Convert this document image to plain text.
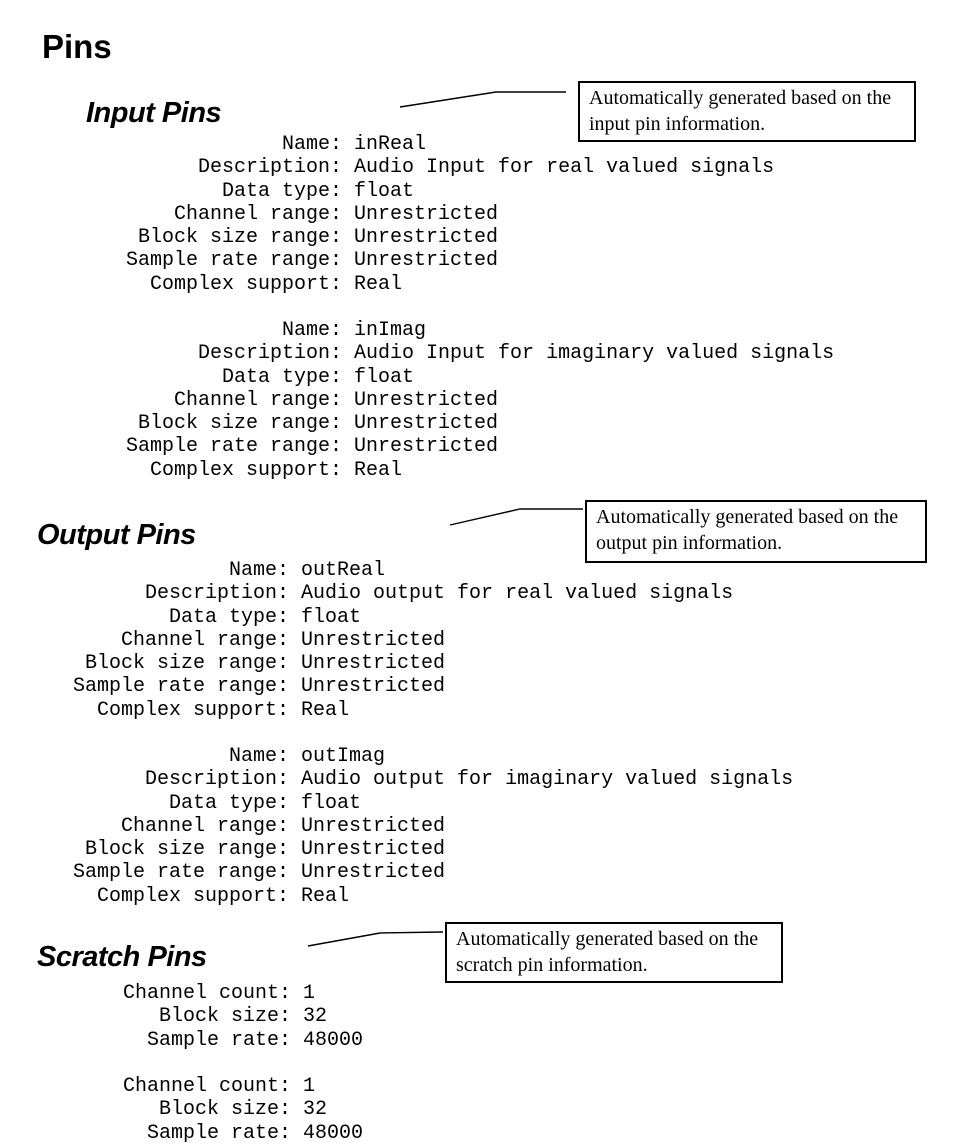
Pins
Input Pins
Output Pins
Scratch Pins
Automatically generated based on the input pin information.
Automatically generated based on the output pin information.
Automatically generated based on the scratch pin information.
Name: inReal
Description: Audio Input for real valued signals
Data type: float
Channel range: Unrestricted
Block size range: Unrestricted
Sample rate range: Unrestricted
Complex support: Real
Name: inImag
Description: Audio Input for imaginary valued signals
Data type: float
Channel range: Unrestricted
Block size range: Unrestricted
Sample rate range: Unrestricted
Complex support: Real
Name: outReal
Description: Audio output for real valued signals
Data type: float
Channel range: Unrestricted
Block size range: Unrestricted
Sample rate range: Unrestricted
Complex support: Real
Name: outImag
Description: Audio output for imaginary valued signals
Data type: float
Channel range: Unrestricted
Block size range: Unrestricted
Sample rate range: Unrestricted
Complex support: Real
Channel count: 1
Block size: 32
Sample rate: 48000
Channel count: 1
Block size: 32
Sample rate: 48000
